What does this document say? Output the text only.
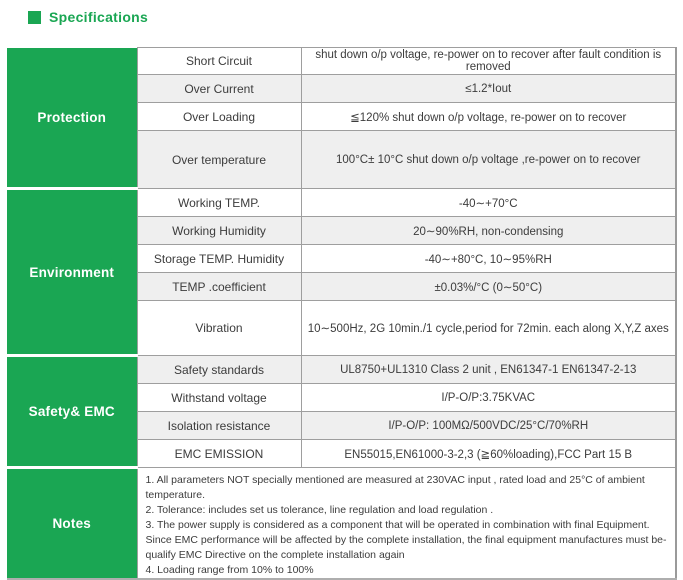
Specifications
Protection	Short Circuit	shut down o/p voltage, re-power on to recover after fault condition is removed
	Over Current	≤1.2*Iout
	Over Loading	≦120% shut down o/p voltage, re-power on to recover
	Over temperature	100°C± 10°C shut down o/p voltage ,re-power on to recover
Environment	Working TEMP.	-40∼+70°C
	Working Humidity	20∼90%RH, non-condensing
	Storage TEMP. Humidity	-40∼+80°C, 10∼95%RH
	TEMP .coefficient	±0.03%/°C (0∼50°C)
	Vibration	10∼500Hz, 2G 10min./1 cycle,period for 72min. each along X,Y,Z axes
Safety& EMC	Safety standards	UL8750+UL1310 Class 2 unit , EN61347-1 EN61347-2-13
	Withstand voltage	I/P-O/P:3.75KVAC
	Isolation resistance	I/P-O/P: 100MΩ/500VDC/25°C/70%RH
	EMC EMISSION	EN55015,EN61000-3-2,3 (≧60%loading),FCC Part 15 B
Notes	1. All parameters NOT specially mentioned are measured at 230VAC input , rated load and 25°C of ambient temperature.
2. Tolerance: includes set us tolerance, line regulation and load regulation .
3. The power supply is considered as a component that will be operated in combination with final Equipment. Since EMC performance will be affected by the complete installation, the final equipment manufactures must be-qualify EMC Directive on the complete installation again
4. Loading range from 10% to 100%	
